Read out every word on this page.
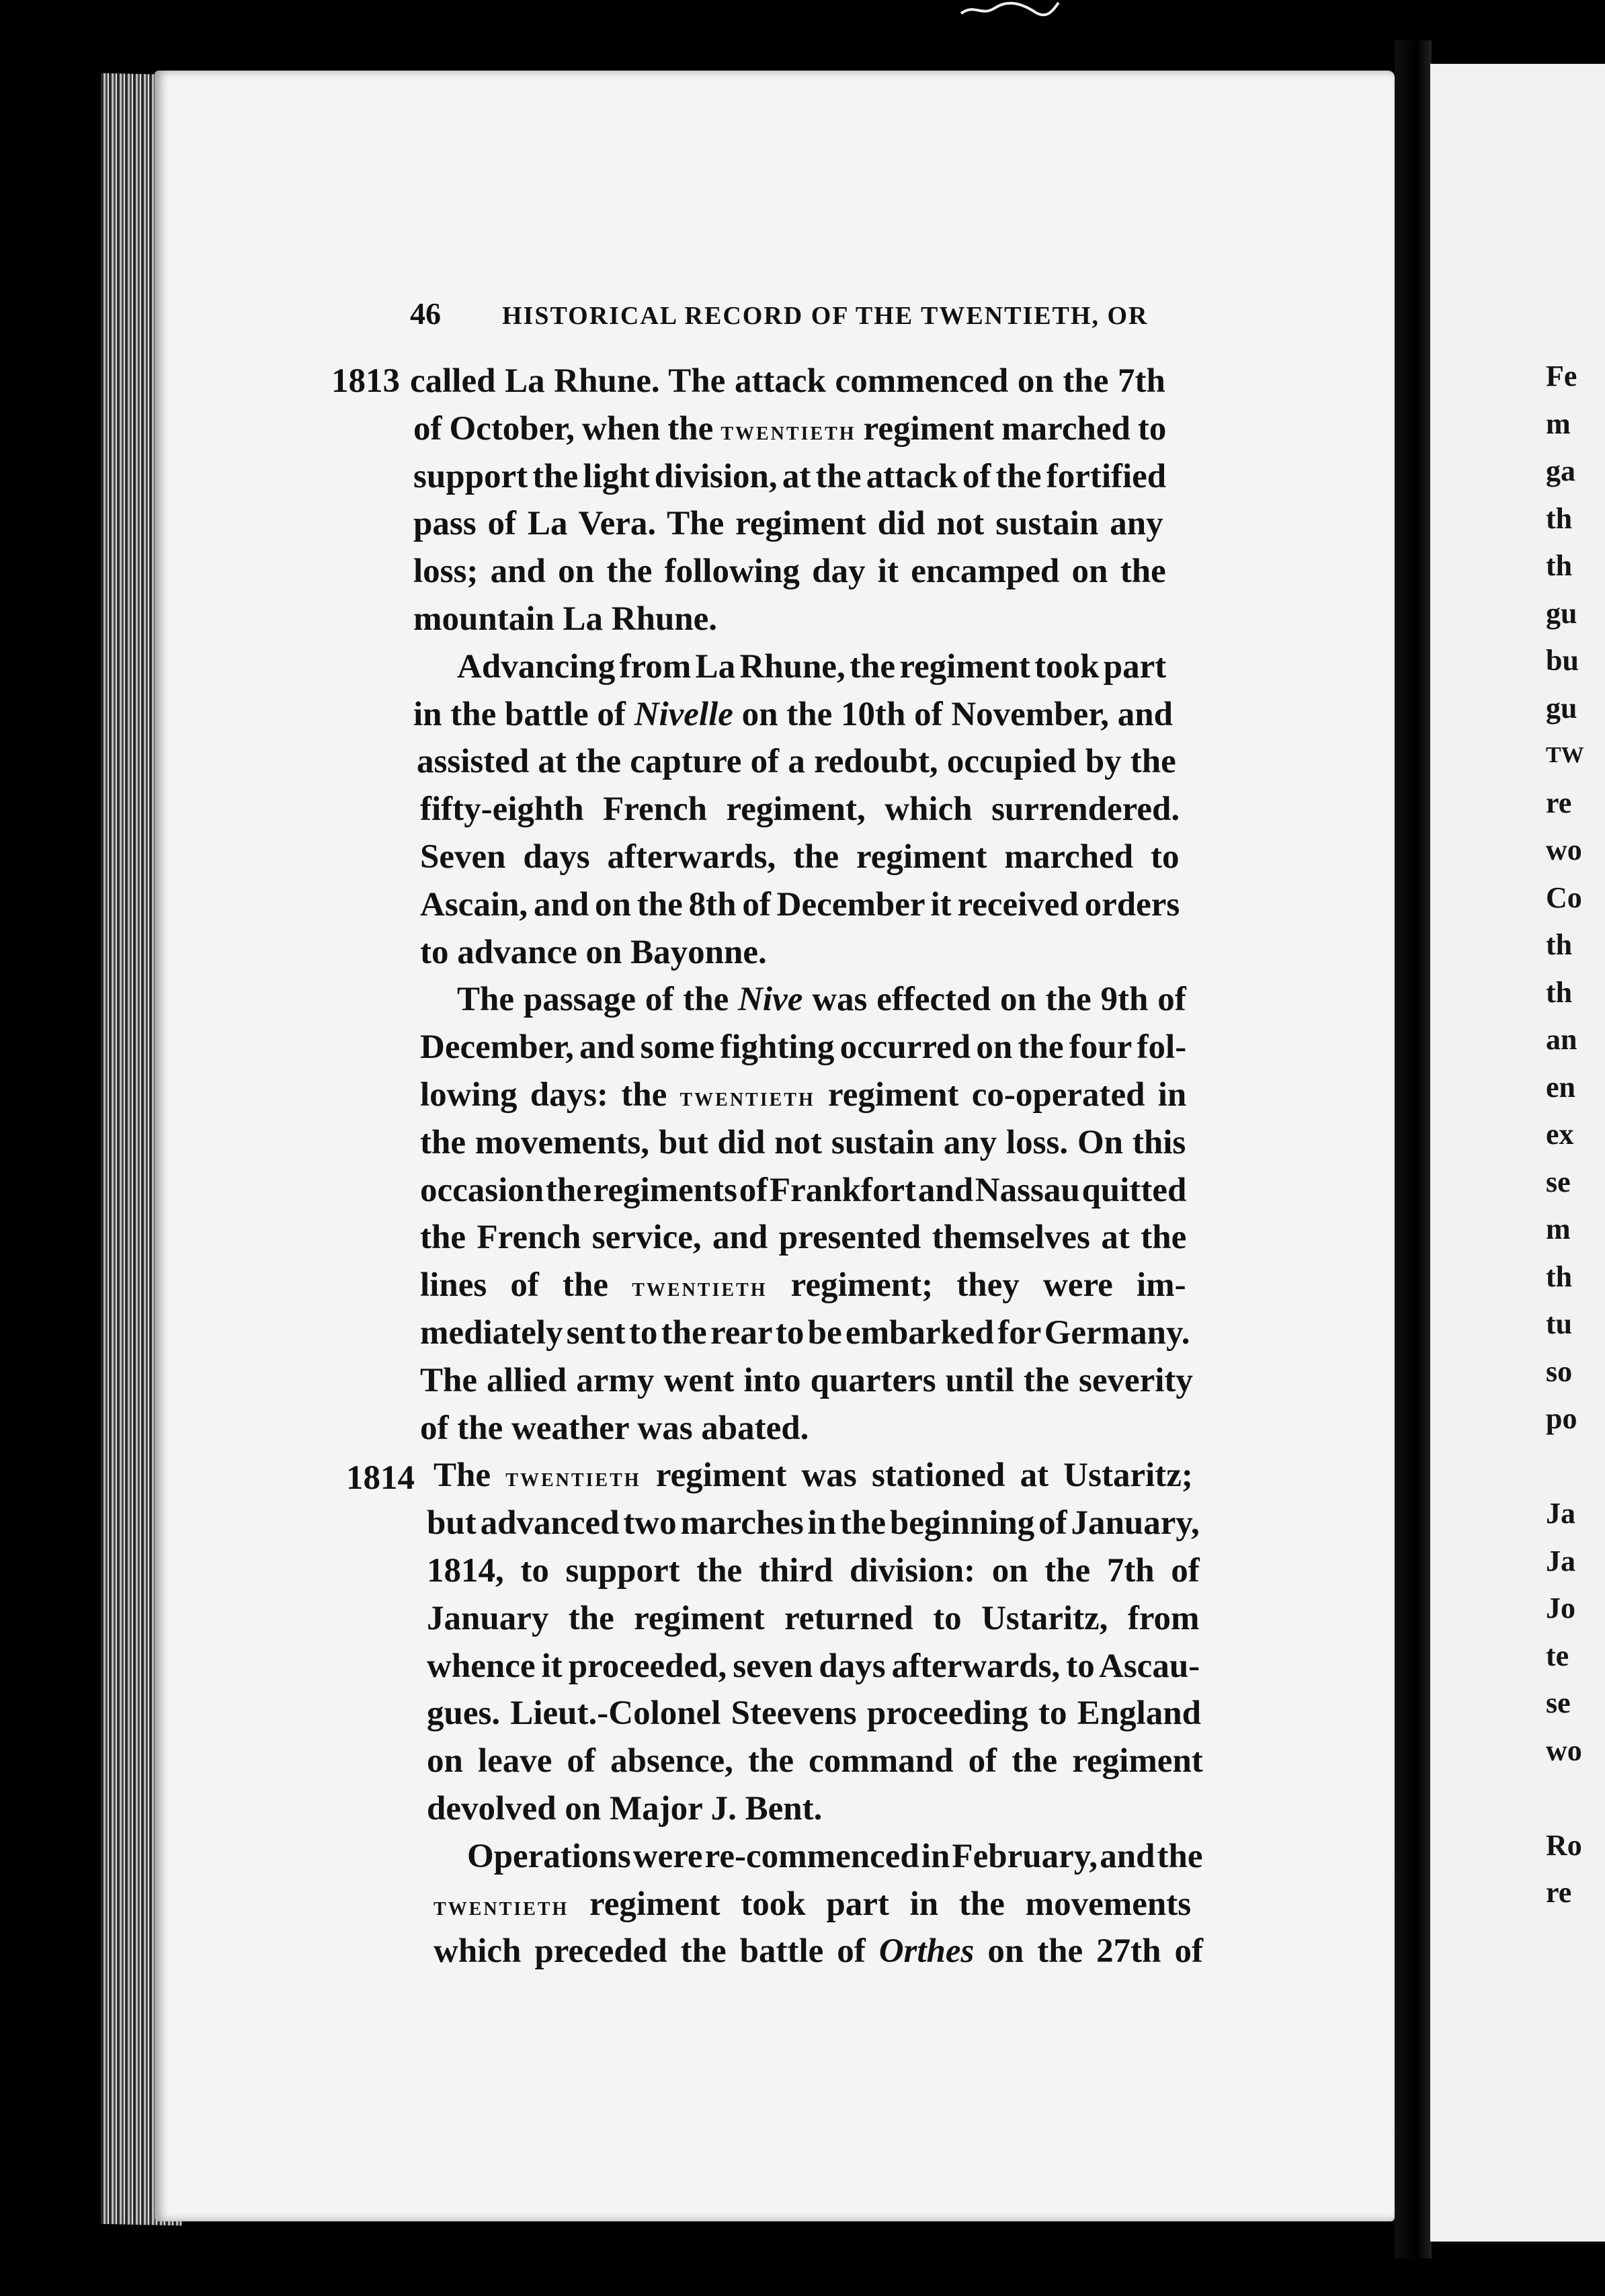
Fe
m
ga
th
th
gu
bu
gu
TW
re
wo
Co
th
th
an
en
ex
se
m
th
tu
so
po
Ja
Ja
Jo
te
se
wo
Ro
re
46 HISTORICAL RECORD OF THE TWENTIETH, OR
1813
1814
called La Rhune. The attack commenced on the 7th
of October, when the twentieth regiment marched to
support the light division, at the attack of the fortified
pass of La Vera. The regiment did not sustain any
loss; and on the following day it encamped on the
mountain La Rhune.
Advancing from La Rhune, the regiment took part
in the battle of Nivelle on the 10th of November, and
assisted at the capture of a redoubt, occupied by the
fifty-eighth French regiment, which surrendered.
Seven days afterwards, the regiment marched to
Ascain, and on the 8th of December it received orders
to advance on Bayonne.
The passage of the Nive was effected on the 9th of
December, and some fighting occurred on the four fol-
lowing days: the twentieth regiment co-operated in
the movements, but did not sustain any loss. On this
occasion the regiments of Frankfort and Nassau quitted
the French service, and presented themselves at the
lines of the twentieth regiment; they were im-
mediately sent to the rear to be embarked for Germany.
The allied army went into quarters until the severity
of the weather was abated.
The twentieth regiment was stationed at Ustaritz;
but advanced two marches in the beginning of January,
1814, to support the third division: on the 7th of
January the regiment returned to Ustaritz, from
whence it proceeded, seven days afterwards, to Ascau-
gues. Lieut.-Colonel Steevens proceeding to England
on leave of absence, the command of the regiment
devolved on Major J. Bent.
Operations were re-commenced in February, and the
twentieth regiment took part in the movements
which preceded the battle of Orthes on the 27th of
